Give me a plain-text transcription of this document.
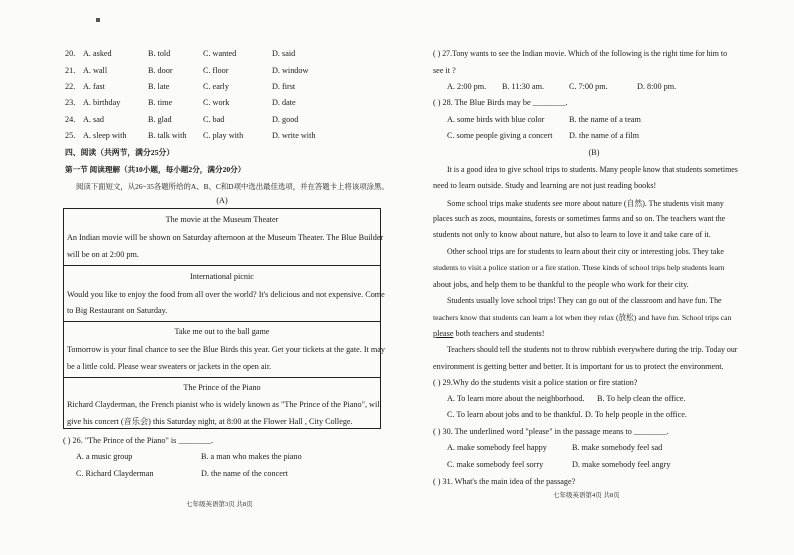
20. A. asked	B. told	C. wanted	D. said
21. A. wall	B. door	C. floor	D. window
22. A. fast	B. late	C. early	D. first
23. A. birthday	B. time	C. work	D. date
24. A. sad	B. glad	C. bad	D. good
25. A. sleep with	B. talk with C. play with	D. write with
四、阅读（共两节，满分25分）
第一节 阅读理解（共10小题，每小题2分，满分20分）
阅读下面短文，从26~35各题所给的A、B、C和D项中选出最佳选项，并在答题卡上将该项涂黑。
(A)
The movie at the Museum Theater
An Indian movie will be shown on Saturday afternoon at the Museum Theater. The Blue Builder
will be on at 2:00 pm.
International picnic
Would you like to enjoy the food from all over the world? It's delicious and not expensive. Come
to Big Restaurant on Saturday.
Take me out to the ball game
Tomorrow is your final chance to see the Blue Birds this year. Get your tickets at the gate. It may
be a little cold. Please wear sweaters or jackets in the open air.
The Prince of the Piano
Richard Clayderman, the French pianist who is widely known as "The Prince of the Piano", will
give his concert (音乐会) this Saturday night, at 8:00 at the Flower Hall , City College.
( ) 26. "The Prince of the Piano" is ________.
A. a music group	B. a man who makes the piano
C. Richard Clayderman	D. the name of the concert
七年级英语第3页 共8页
( ) 27.Tony wants to see the Indian movie. Which of the following is the right time for him to
see it ?
A. 2:00 pm. B. 11:30 am.	C. 7:00 pm.	D. 8:00 pm.
( ) 28. The Blue Birds may be ________.
A. some birds with blue color	B. the name of a team
C. some people giving a concert D. the name of a film
(B)
It is a good idea to give school trips to students. Many people know that students sometimes
need to learn outside. Study and learning are not just reading books!
Some school trips make students see more about nature (自然). The students visit many
places such as zoos, mountains, forests or sometimes farms and so on. The teachers want the
students not only to know about nature, but also to learn to love it and take care of it.
Other school trips are for students to learn about their city or interesting jobs. They take
students to visit a police station or a fire station. These kinds of school trips help students learn
about jobs, and help them to be thankful to the people who work for their city.
Students usually love school trips! They can go out of the classroom and have fun. The
teachers know that students can learn a lot when they relax (放松) and have fun. School trips can
please both teachers and students!
Teachers should tell the students not to throw rubbish everywhere during the trip. Today our
environment is getting better and better. It is important for us to protect the environment.
( ) 29.Why do the students visit a police station or fire station?
A. To learn more about the neighborhood. B. To help clean the office.
C. To learn about jobs and to be thankful. D. To help people in the office.
( ) 30. The underlined word "please" in the passage means to ________.
A. make somebody feel happy	B. make somebody feel sad
C. make somebody feel sorry	D. make somebody feel angry
( ) 31. What's the main idea of the passage?
七年级英语第4页 共8页
